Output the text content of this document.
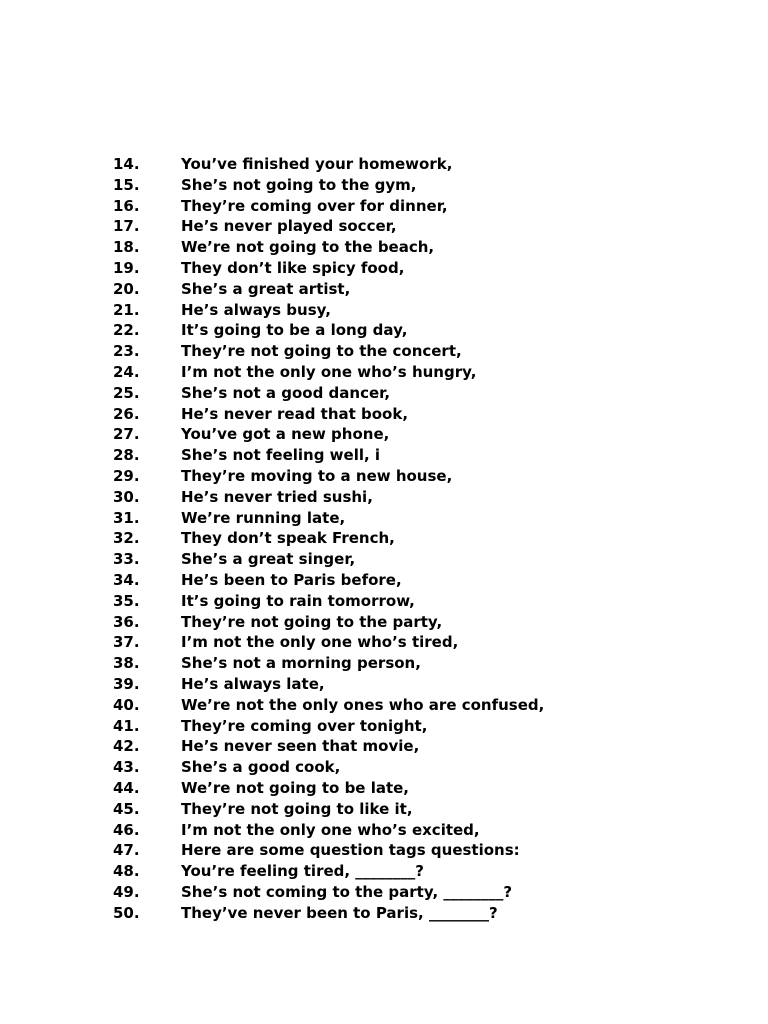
14.	You’ve finished your homework,
15.	She’s not going to the gym,
16.	They’re coming over for dinner,
17.	He’s never played soccer,
18.	We’re not going to the beach,
19.	They don’t like spicy food,
20.	She’s a great artist,
21.	He’s always busy,
22.	It’s going to be a long day,
23.	They’re not going to the concert,
24.	I’m not the only one who’s hungry,
25.	She’s not a good dancer,
26.	He’s never read that book,
27.	You’ve got a new phone,
28.	She’s not feeling well, i
29.	They’re moving to a new house,
30.	He’s never tried sushi,
31.	We’re running late,
32.	They don’t speak French,
33.	She’s a great singer,
34.	He’s been to Paris before,
35.	It’s going to rain tomorrow,
36.	They’re not going to the party,
37.	I’m not the only one who’s tired,
38.	She’s not a morning person,
39.	He’s always late,
40.	We’re not the only ones who are confused,
41.	They’re coming over tonight,
42.	He’s never seen that movie,
43.	She’s a good cook,
44.	We’re not going to be late,
45.	They’re not going to like it,
46.	I’m not the only one who’s excited,
47.	Here are some question tags questions:
48.	You’re feeling tired, ________?
49.	She’s not coming to the party, ________?
50.	They’ve never been to Paris, ________?
